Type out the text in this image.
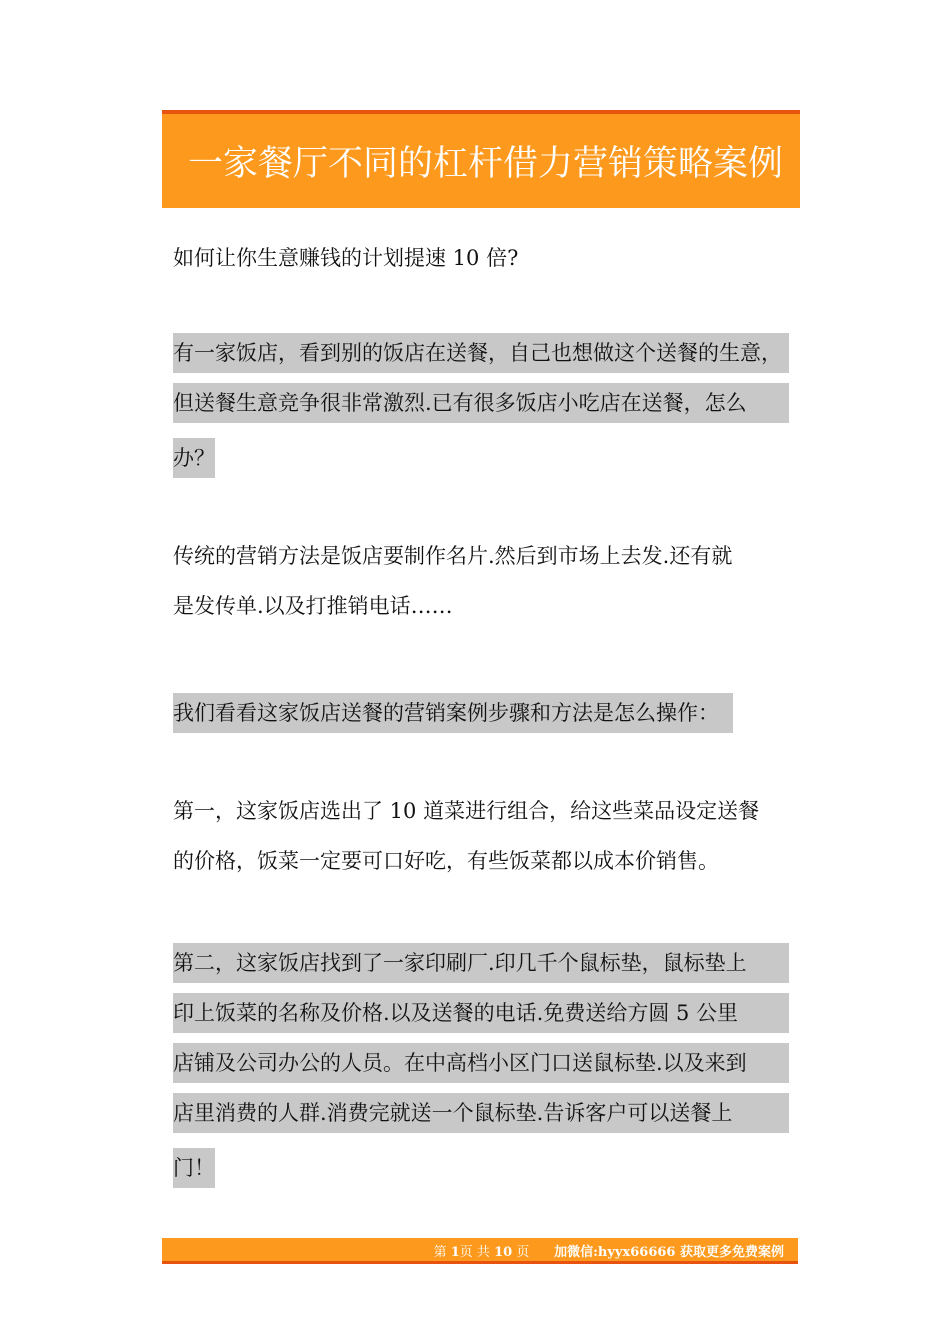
一家餐厅不同的杠杆借力营销策略案例
如何让你生意赚钱的计划提速 10 倍?
有一家饭店，看到别的饭店在送餐，自己也想做这个送餐的生意，
但送餐生意竞争很非常激烈.已有很多饭店小吃店在送餐，怎么
办？
传统的营销方法是饭店要制作名片.然后到市场上去发.还有就
是发传单.以及打推销电话……
我们看看这家饭店送餐的营销案例步骤和方法是怎么操作：
第一，这家饭店选出了 10 道菜进行组合，给这些菜品设定送餐
的价格，饭菜一定要可口好吃，有些饭菜都以成本价销售。
第二，这家饭店找到了一家印刷厂.印几千个鼠标垫，鼠标垫上
印上饭菜的名称及价格.以及送餐的电话.免费送给方圆 5 公里
店铺及公司办公的人员。在中高档小区门口送鼠标垫.以及来到
店里消费的人群.消费完就送一个鼠标垫.告诉客户可以送餐上
门！
第 1页 共 10 页 加微信:hyyx66666 获取更多免费案例
